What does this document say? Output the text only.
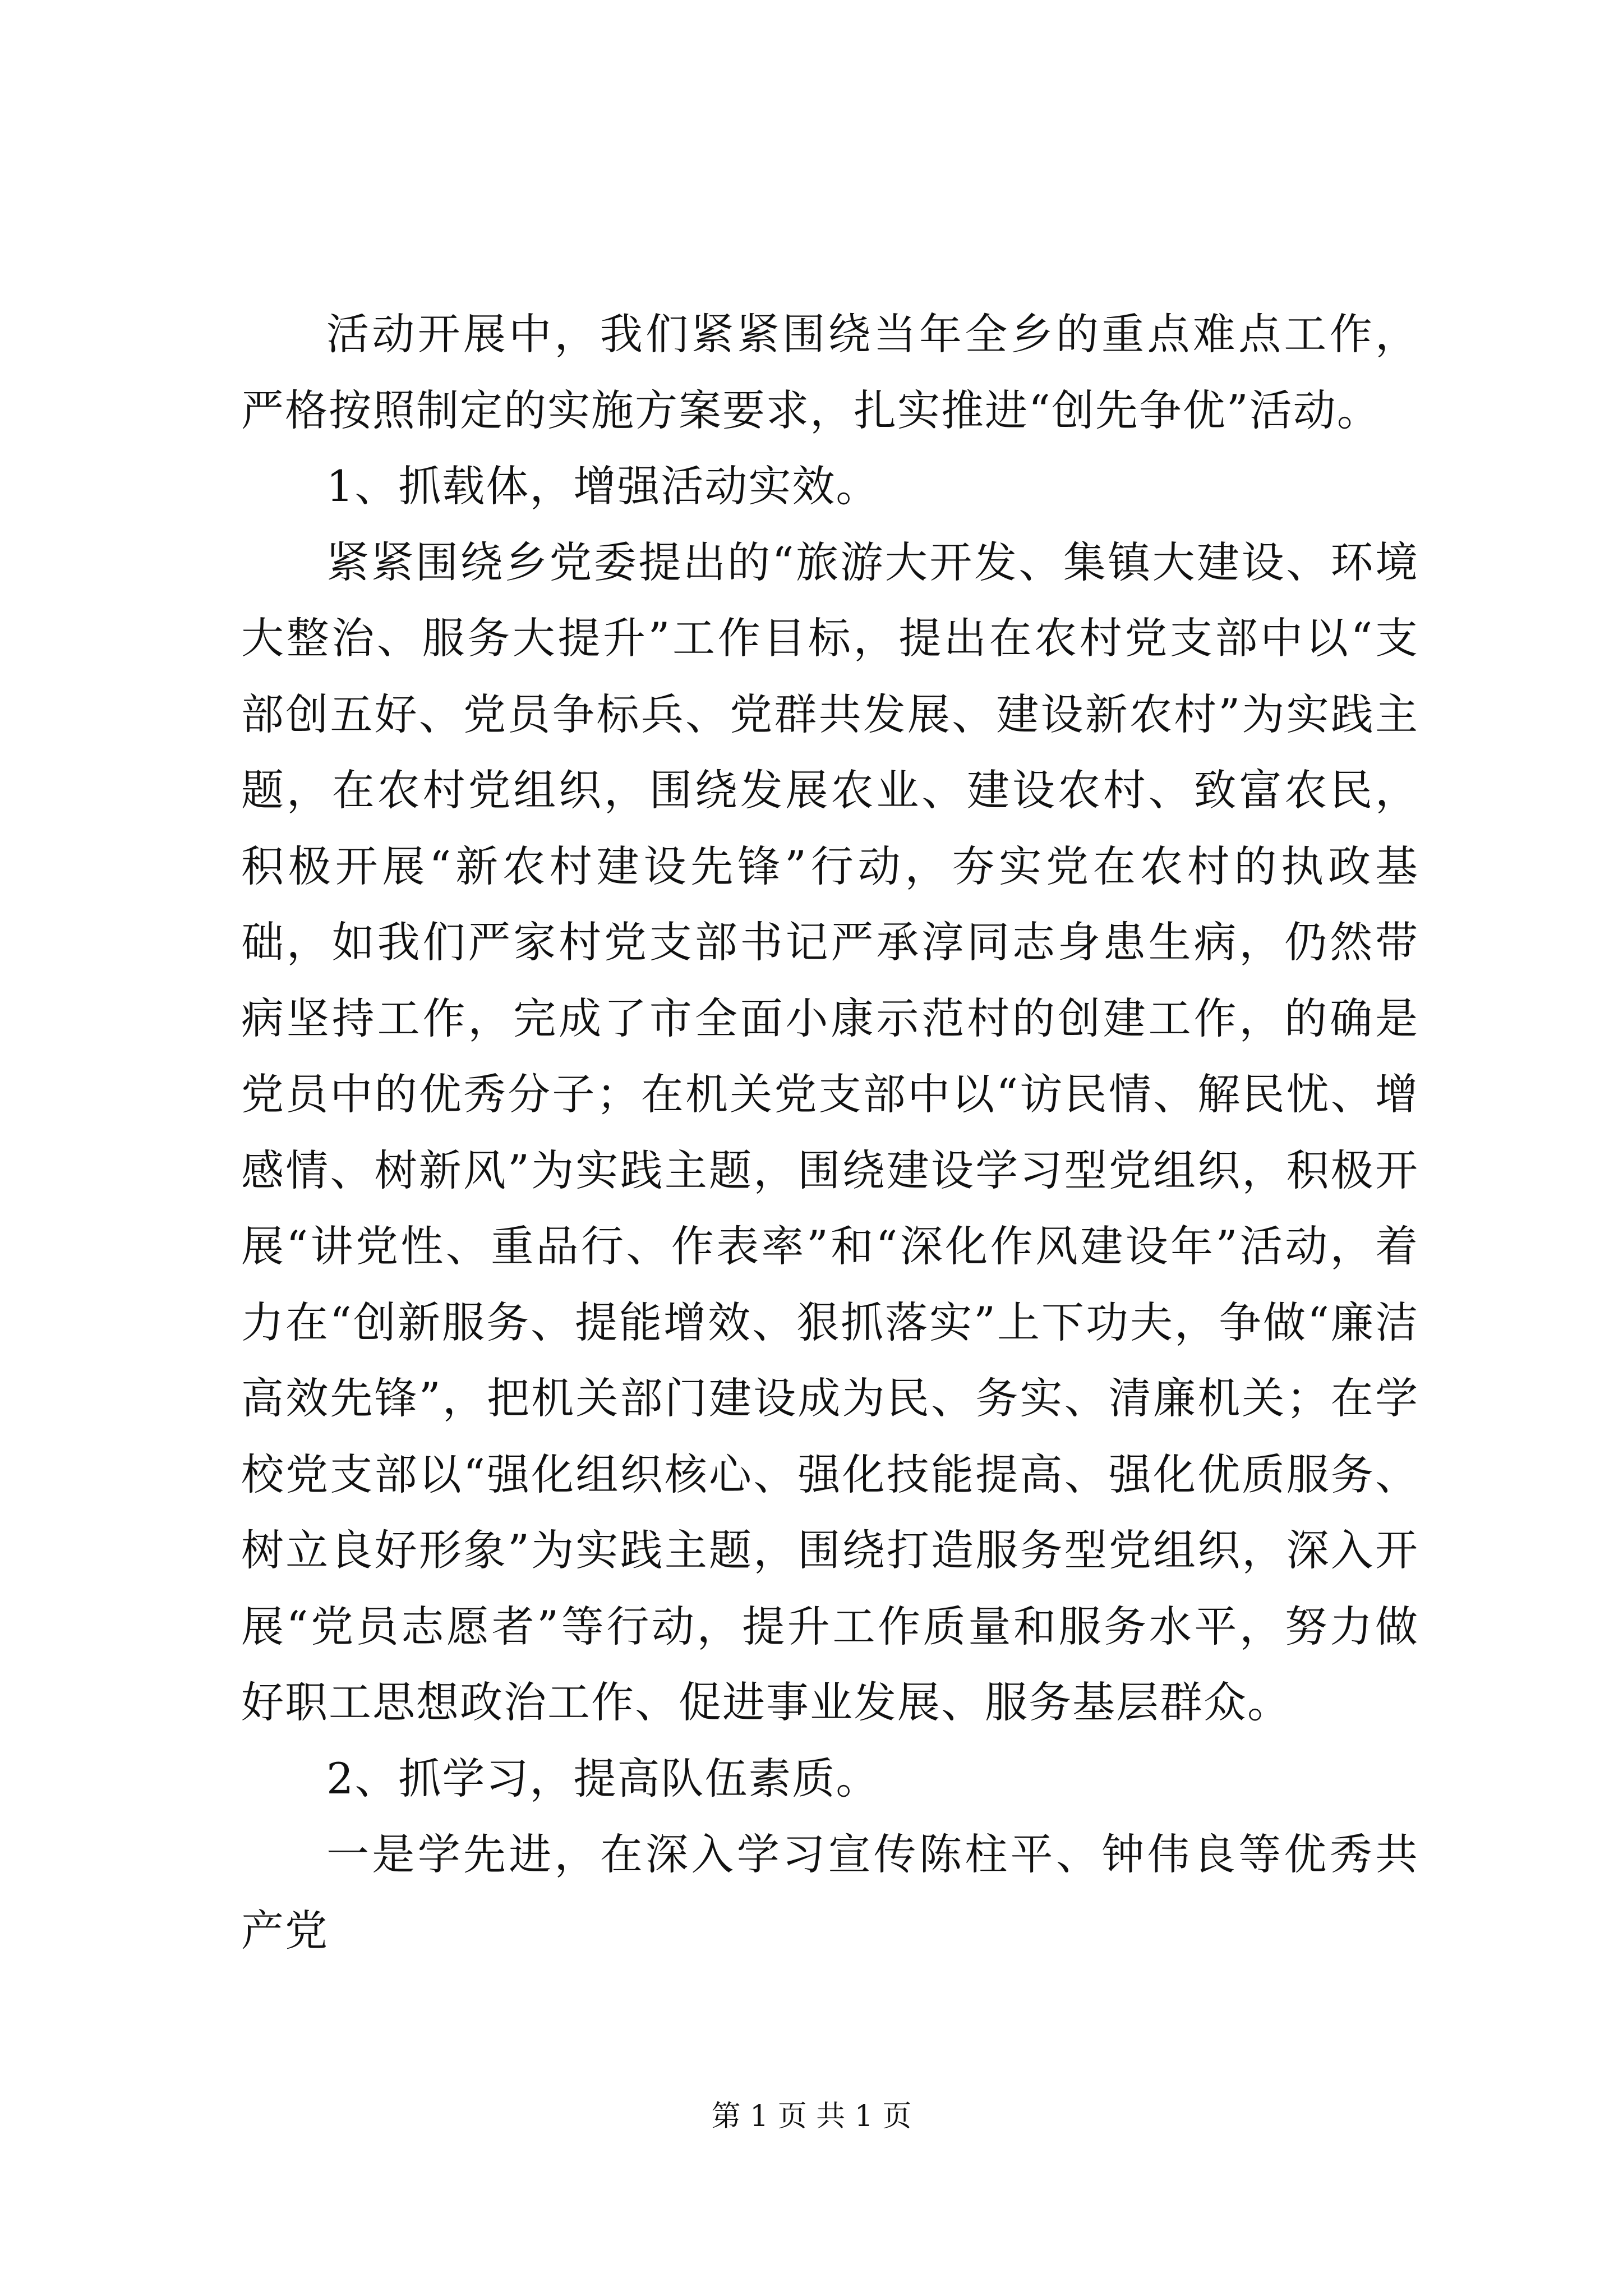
活动开展中，我们紧紧围绕当年全乡的重点难点工作，严格按照制定的实施方案要求，扎实推进“创先争优”活动。

1、抓载体，增强活动实效。

紧紧围绕乡党委提出的“旅游大开发、集镇大建设、环境大整治、服务大提升”工作目标，提出在农村党支部中以“支部创五好、党员争标兵、党群共发展、建设新农村”为实践主题，在农村党组织，围绕发展农业、建设农村、致富农民，积极开展“新农村建设先锋”行动，夯实党在农村的执政基础，如我们严家村党支部书记严承淳同志身患生病，仍然带病坚持工作，完成了市全面小康示范村的创建工作，的确是党员中的优秀分子；在机关党支部中以“访民情、解民忧、增感情、树新风”为实践主题，围绕建设学习型党组织，积极开展“讲党性、重品行、作表率”和“深化作风建设年”活动，着力在“创新服务、提能增效、狠抓落实”上下功夫，争做“廉洁高效先锋”，把机关部门建设成为民、务实、清廉机关；在学校党支部以“强化组织核心、强化技能提高、强化优质服务、树立良好形象”为实践主题，围绕打造服务型党组织，深入开展“党员志愿者”等行动，提升工作质量和服务水平，努力做好职工思想政治工作、促进事业发展、服务基层群众。

2、抓学习，提高队伍素质。

一是学先进，在深入学习宣传陈柱平、钟伟良等优秀共产党

第 1 页 共 1 页
